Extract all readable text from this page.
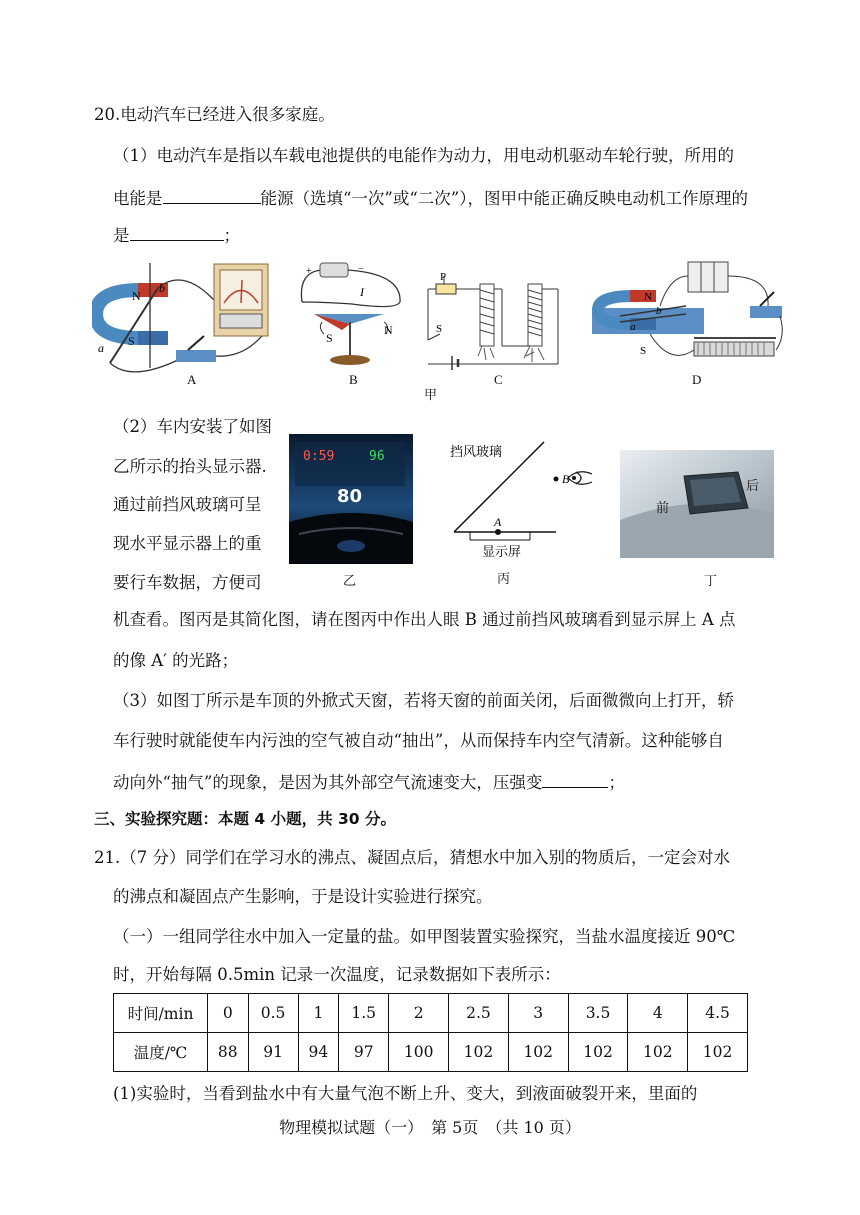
20.电动汽车已经进入很多家庭。
（1）电动汽车是指以车载电池提供的电能作为动力，用电动机驱动车轮行驶，所用的
电能是	能源（选填“一次”或“二次”），图甲中能正确反映电动机工作原理的
是	；
N
S
a
b
A
+	−
I
S
N
B
P
S
C
N
S
a
b
D
甲
（2）车内安装了如图
乙所示的抬头显示器.
通过前挡风玻璃可呈
现水平显示器上的重
要行车数据，方便司
0:59	96
80
乙
挡风玻璃
B
A
显示屏
丙
前
后
丁
机查看。图丙是其简化图，请在图丙中作出人眼 B 通过前挡风玻璃看到显示屏上 A 点
的像 A′ 的光路；
（3）如图丁所示是车顶的外掀式天窗，若将天窗的前面关闭，后面微微向上打开，轿
车行驶时就能使车内污浊的空气被自动“抽出”，从而保持车内空气清新。这种能够自
动向外“抽气”的现象，是因为其外部空气流速变大，压强变	；
三、实验探究题：本题 4 小题，共 30 分。
21.（7 分）同学们在学习水的沸点、凝固点后，猜想水中加入别的物质后，一定会对水
的沸点和凝固点产生影响，于是设计实验进行探究。
（一）一组同学往水中加入一定量的盐。如甲图装置实验探究，当盐水温度接近 90℃
时，开始每隔 0.5min 记录一次温度，记录数据如下表所示：
时间/min	0	0.5	1	1.5	2	2.5	3	3.5	4	4.5
温度/℃	88	91	94	97	100	102	102	102	102	102
(1)实验时，当看到盐水中有大量气泡不断上升、变大，到液面破裂开来，里面的
物理模拟试题（一）　第 5页　（共 10 页）
